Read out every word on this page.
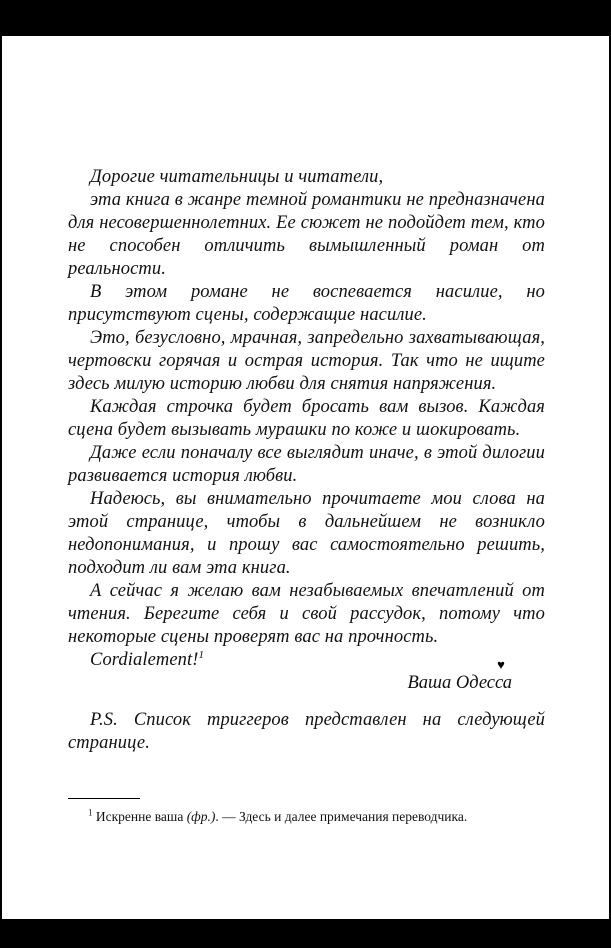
Дорогие читательницы и читатели,

эта книга в жанре темной романтики не предназначена для несовершеннолетних. Ее сюжет не подойдет тем, кто не способен отличить вымышленный роман от реальности.

В этом романе не воспевается насилие, но присутствуют сцены, содержащие насилие.

Это, безусловно, мрачная, запредельно захватывающая, чертовски горячая и острая история. Так что не ищите здесь милую историю любви для снятия напряжения.

Каждая строчка будет бросать вам вызов. Каждая сцена будет вызывать мурашки по коже и шокировать.

Даже если поначалу все выглядит иначе, в этой дилогии развивается история любви.

Надеюсь, вы внимательно прочитаете мои слова на этой странице, чтобы в дальнейшем не возникло недопонимания, и прошу вас самостоятельно решить, подходит ли вам эта книга.

А сейчас я желаю вам незабываемых впечатлений от чтения. Берегите себя и свой рассудок, потому что некоторые сцены проверят вас на прочность.

Cordialement!$^1$
♥

Ваша Одесса

P.S. Список триггеров представлен на следующей странице.

$^1$ Искренне ваша (фр.). — Здесь и далее примечания переводчика.
